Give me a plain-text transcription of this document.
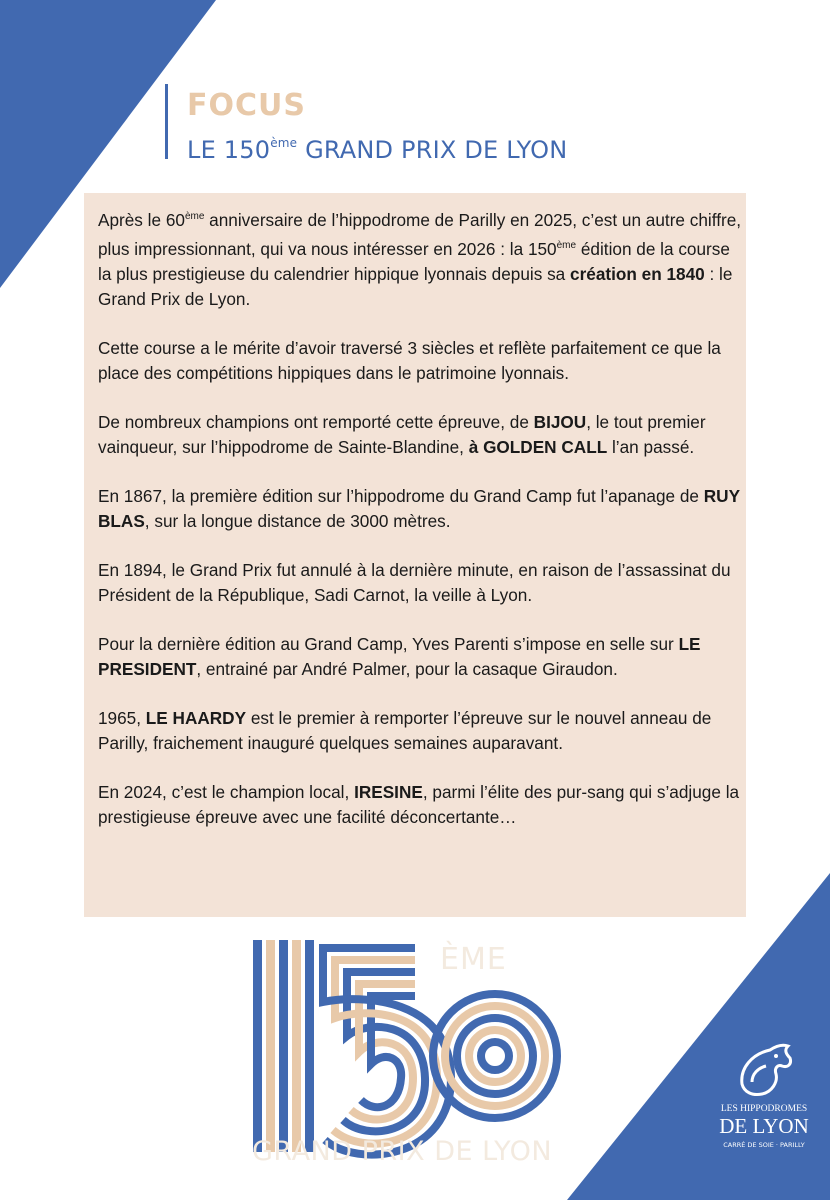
FOCUS
LE 150ème GRAND PRIX DE LYON

Après le 60ème anniversaire de l’hippodrome de Parilly en 2025, c’est un autre chiffre, plus impressionnant, qui va nous intéresser en 2026 : la 150ème édition de la course la plus prestigieuse du calendrier hippique lyonnais depuis sa création en 1840 : le Grand Prix de Lyon.

Cette course a le mérite d’avoir traversé 3 siècles et reflète parfaitement ce que la place des compétitions hippiques dans le patrimoine lyonnais.

De nombreux champions ont remporté cette épreuve, de BIJOU, le tout premier vainqueur, sur l’hippodrome de Sainte-Blandine, à GOLDEN CALL l’an passé.

En 1867, la première édition sur l’hippodrome du Grand Camp fut l’apanage de RUY BLAS, sur la longue distance de 3000 mètres.

En 1894, le Grand Prix fut annulé à la dernière minute, en raison de l’assassinat du Président de la République, Sadi Carnot, la veille à Lyon.

Pour la dernière édition au Grand Camp, Yves Parenti s’impose en selle sur LE PRESIDENT, entrainé par André Palmer, pour la casaque Giraudon.

1965, LE HAARDY est le premier à remporter l’épreuve sur le nouvel anneau de Parilly, fraichement inauguré quelques semaines auparavant.

En 2024, c’est le champion local, IRESINE, parmi l’élite des pur-sang qui s’adjuge la prestigieuse épreuve avec une facilité déconcertante…

ÈME
GRAND PRIX DE LYON
LES HIPPODROMES
DE LYON
CARRÉ DE SOIE · PARILLY
